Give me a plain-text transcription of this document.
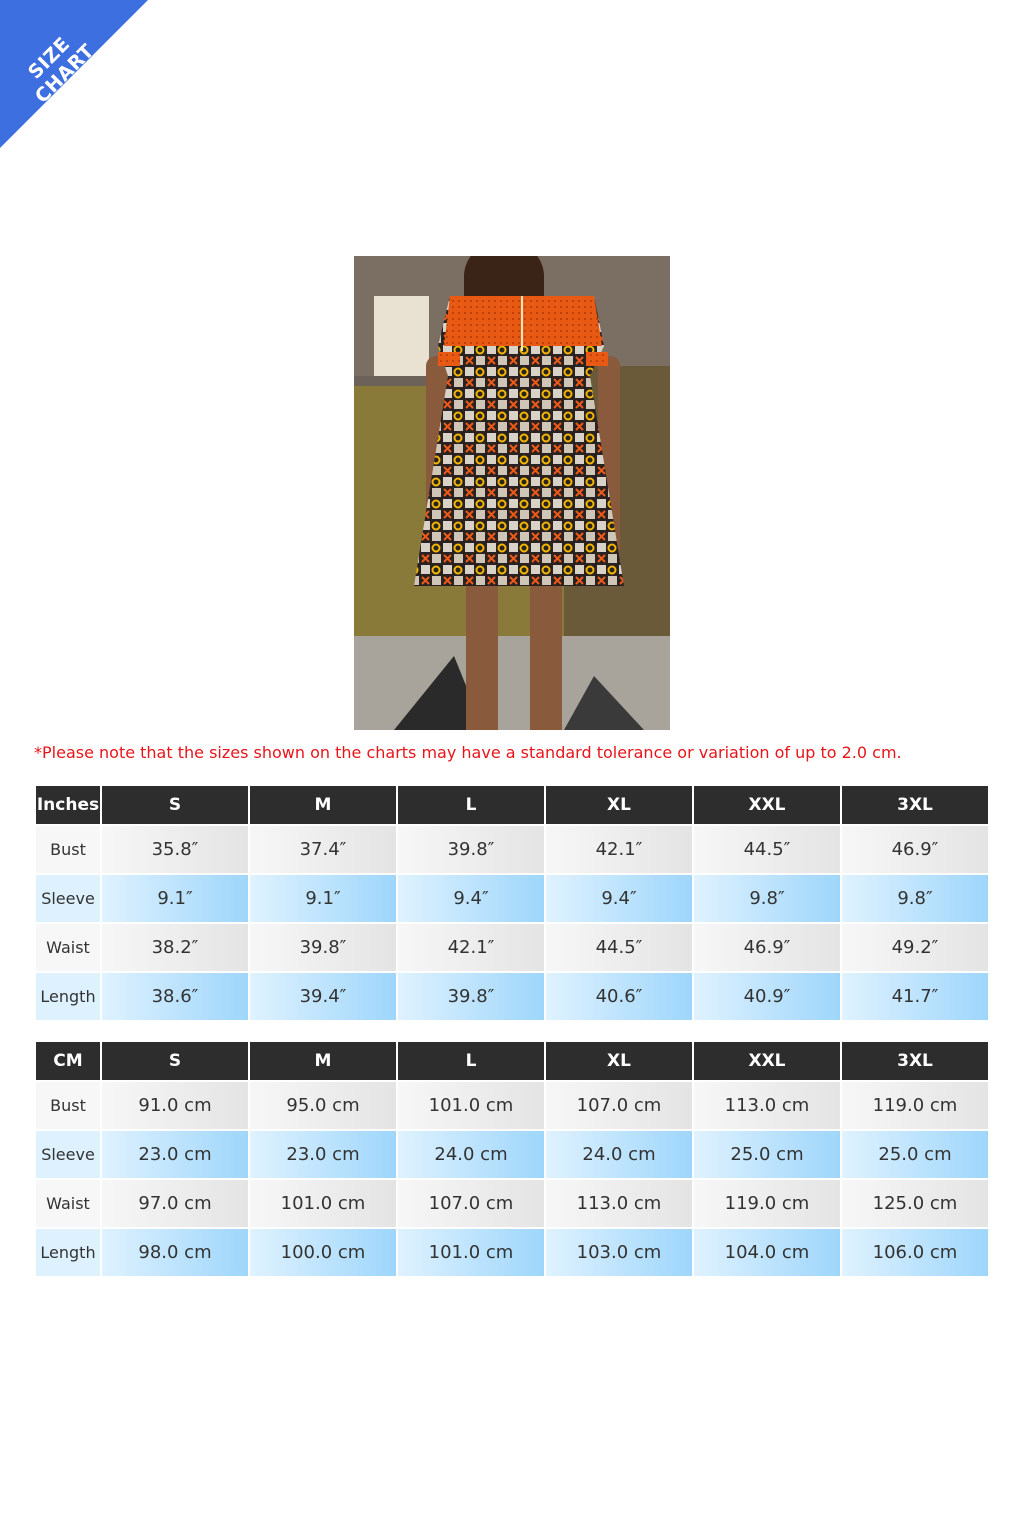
SIZE CHART
*Please note that the sizes shown on the charts may have a standard tolerance or variation of up to 2.0 cm.
Inches	S	M	L	XL	XXL	3XL
Bust	35.8″	37.4″	39.8″	42.1″	44.5″	46.9″
Sleeve	9.1″	9.1″	9.4″	9.4″	9.8″	9.8″
Waist	38.2″	39.8″	42.1″	44.5″	46.9″	49.2″
Length	38.6″	39.4″	39.8″	40.6″	40.9″	41.7″
CM	S	M	L	XL	XXL	3XL
Bust	91.0 cm	95.0 cm	101.0 cm	107.0 cm	113.0 cm	119.0 cm
Sleeve	23.0 cm	23.0 cm	24.0 cm	24.0 cm	25.0 cm	25.0 cm
Waist	97.0 cm	101.0 cm	107.0 cm	113.0 cm	119.0 cm	125.0 cm
Length	98.0 cm	100.0 cm	101.0 cm	103.0 cm	104.0 cm	106.0 cm
